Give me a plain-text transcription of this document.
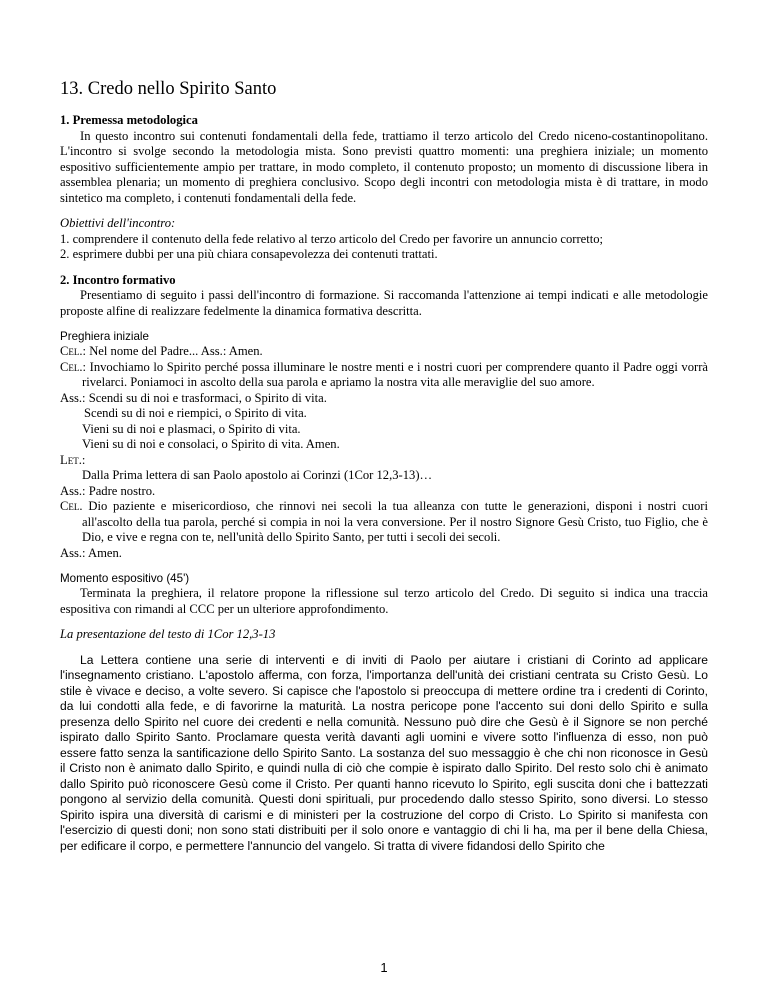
13. Credo nello Spirito Santo

1. Premessa metodologica

In questo incontro sui contenuti fondamentali della fede, trattiamo il terzo articolo del Credo niceno-costantinopolitano. L'incontro si svolge secondo la metodologia mista. Sono previsti quattro momenti: una preghiera iniziale; un momento espositivo sufficientemente ampio per trattare, in modo completo, il contenuto proposto; un momento di discussione libera in assemblea plenaria; un momento di preghiera conclusivo. Scopo degli incontri con metodologia mista è di trattare, in modo sintetico ma completo, i contenuti fondamentali della fede.

Obiettivi dell'incontro:

1. comprendere il contenuto della fede relativo al terzo articolo del Credo per favorire un annuncio corretto;
2. esprimere dubbi per una più chiara consapevolezza dei contenuti trattati.

2. Incontro formativo

Presentiamo di seguito i passi dell'incontro di formazione. Si raccomanda l'attenzione ai tempi indicati e alle metodologie proposte alfine di realizzare fedelmente la dinamica formativa descritta.

Preghiera iniziale

Cel.: Nel nome del Padre... Ass.: Amen.

Cel.: Invochiamo lo Spirito perché possa illuminare le nostre menti e i nostri cuori per comprendere quanto il Padre oggi vorrà rivelarci. Poniamoci in ascolto della sua parola e apriamo la nostra vita alle meraviglie del suo amore.

Ass.: Scendi su di noi e trasformaci, o Spirito di vita.

Scendi su di noi e riempici, o Spirito di vita.

Vieni su di noi e plasmaci, o Spirito di vita.

Vieni su di noi e consolaci, o Spirito di vita. Amen.

Let.:

Dalla Prima lettera di san Paolo apostolo ai Corinzi (1Cor 12,3-13)…

Ass.: Padre nostro.

Cel. Dio paziente e misericordioso, che rinnovi nei secoli la tua alleanza con tutte le generazioni, disponi i nostri cuori all'ascolto della tua parola, perché si compia in noi la vera conversione. Per il nostro Signore Gesù Cristo, tuo Figlio, che è Dio, e vive e regna con te, nell'unità dello Spirito Santo, per tutti i secoli dei secoli.

Ass.: Amen.

Momento espositivo (45')

Terminata la preghiera, il relatore propone la riflessione sul terzo articolo del Credo. Di seguito si indica una traccia espositiva con rimandi al CCC per un ulteriore approfondimento.

La presentazione del testo di 1Cor 12,3-13

La Lettera contiene una serie di interventi e di inviti di Paolo per aiutare i cristiani di Corinto ad applicare l'insegnamento cristiano. L'apostolo afferma, con forza, l'importanza dell'unità dei cristiani centrata su Cristo Gesù. Lo stile è vivace e deciso, a volte severo. Si capisce che l'apostolo si preoccupa di mettere ordine tra i credenti di Corinto, da lui condotti alla fede, e di favorirne la maturità. La nostra pericope pone l'accento sui doni dello Spirito e sulla presenza dello Spirito nel cuore dei credenti e nella comunità. Nessuno può dire che Gesù è il Signore se non perché ispirato dallo Spirito Santo. Proclamare questa verità davanti agli uomini e vivere sotto l'influenza di esso, non può essere fatto senza la santificazione dello Spirito Santo. La sostanza del suo messaggio è che chi non riconosce in Gesù il Cristo non è animato dallo Spirito, e quindi nulla di ciò che compie è ispirato dallo Spirito. Del resto solo chi è animato dallo Spirito può riconoscere Gesù come il Cristo. Per quanti hanno ricevuto lo Spirito, egli suscita doni che i battezzati pongono al servizio della comunità. Questi doni spirituali, pur procedendo dallo stesso Spirito, sono diversi. Lo stesso Spirito ispira una diversità di carismi e di ministeri per la costruzione del corpo di Cristo. Lo Spirito si manifesta con l'esercizio di questi doni; non sono stati distribuiti per il solo onore e vantaggio di chi li ha, ma per il bene della Chiesa, per edificare il corpo, e permettere l'annuncio del vangelo. Si tratta di vivere fidandosi dello Spirito che

1
